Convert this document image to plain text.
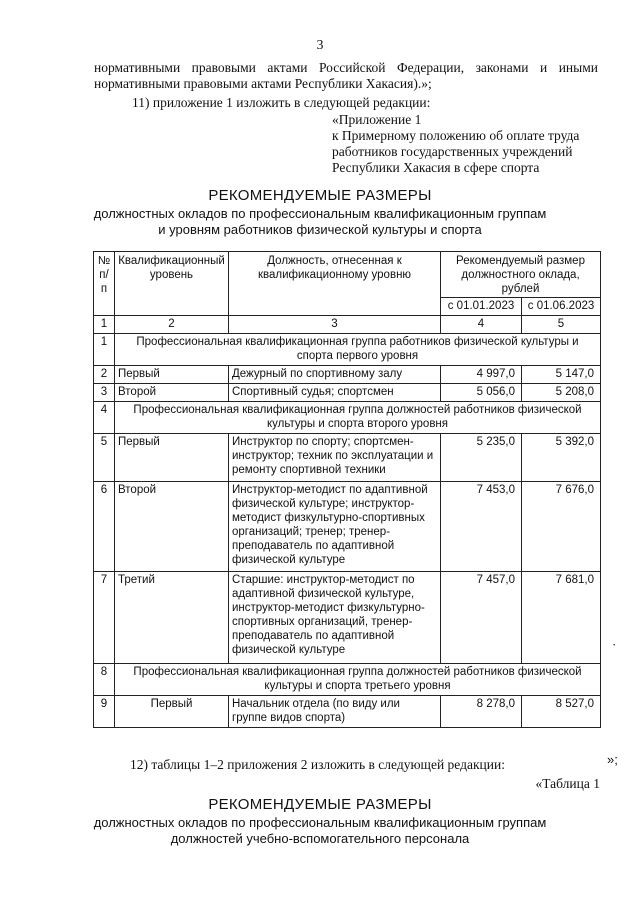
3
нормативными правовыми актами Российской Федерации, законами и иными
нормативными правовыми актами Республики Хакасия).»;
11) приложение 1 изложить в следующей редакции:
«Приложение 1
к Примерному положению об оплате труда
работников государственных учреждений
Республики Хакасия в сфере спорта
РЕКОМЕНДУЕМЫЕ РАЗМЕРЫ
должностных окладов по профессиональным квалификационным группам
и уровням работников физической культуры и спорта
№ п/п	Квалификационный уровень	Должность, отнесенная к квалификационному уровню	Рекомендуемый размер должностного оклада, рублей	
			с 01.01.2023	с 01.06.2023
1	2	3	4	5
1	Профессиональная квалификационная группа работников физической культуры и спорта первого уровня			
2	Первый	Дежурный по спортивному залу	4 997,0	5 147,0
3	Второй	Спортивный судья; спортсмен	5 056,0	5 208,0
4	Профессиональная квалификационная группа должностей работников физической культуры и спорта второго уровня			
5	Первый	Инструктор по спорту; спортсмен-инструктор; техник по эксплуатации и ремонту спортивной техники	5 235,0	5 392,0
6	Второй	Инструктор-методист по адаптивной физической культуре; инструктор-методист физкультурно-спортивных организаций; тренер; тренер-преподаватель по адаптивной физической культуре	7 453,0	7 676,0
7	Третий	Старшие: инструктор-методист по адаптивной физической культуре, инструктор-методист физкультурно-спортивных организаций, тренер-преподаватель по адаптивной физической культуре	7 457,0	7 681,0
8	Профессиональная квалификационная группа должностей работников физической культуры и спорта третьего уровня			
9	Первый	Начальник отдела (по виду или группе видов спорта)	8 278,0	8 527,0
·
»;
12) таблицы 1–2 приложения 2 изложить в следующей редакции:
«Таблица 1
РЕКОМЕНДУЕМЫЕ РАЗМЕРЫ
должностных окладов по профессиональным квалификационным группам
должностей учебно-вспомогательного персонала
